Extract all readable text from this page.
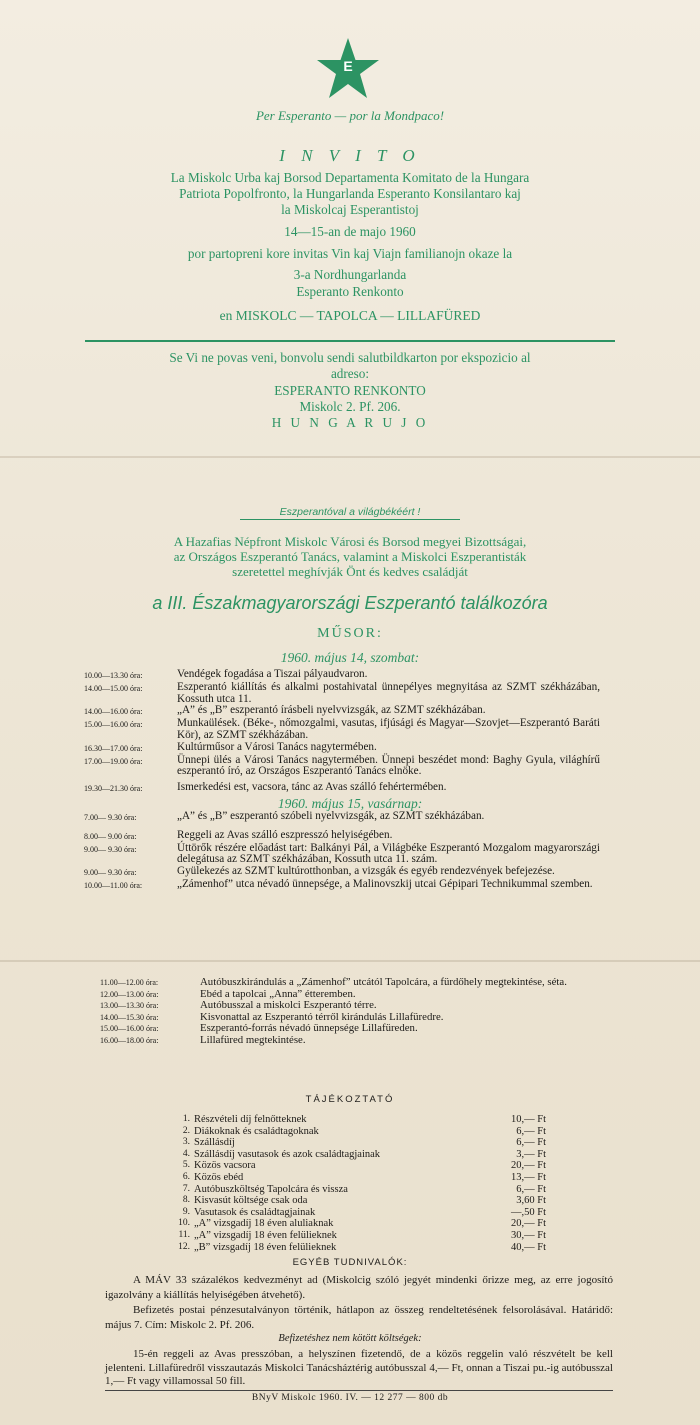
E
Per Esperanto — por la Mondpaco!
I N V I T O
La Miskolc Urba kaj Borsod Departamenta Komitato de la Hungara
Patriota Popolfronto, la Hungarlanda Esperanto Konsilantaro kaj
la Miskolcaj Esperantistoj
14—15-an de majo 1960
por partopreni kore invitas Vin kaj Viajn familianojn okaze la
3-a Nordhungarlanda
Esperanto Renkonto
en MISKOLC — TAPOLCA — LILLAFÜRED
Se Vi ne povas veni, bonvolu sendi salutbildkarton por ekspozicio al
adreso:
ESPERANTO RENKONTO
Miskolc 2. Pf. 206.
H U N G A R U J O
Eszperantóval a világbékéért !
A Hazafias Népfront Miskolc Városi és Borsod megyei Bizottságai,
az Országos Eszperantó Tanács, valamint a Miskolci Eszperantisták
szeretettel meghívják Önt és kedves családját
a III. Északmagyarországi Eszperantó találkozóra
MŰSOR:
1960. május 14, szombat:
10.00—13.30 óra:	Vendégek fogadása a Tiszai pályaudvaron.
14.00—15.00 óra:	Eszperantó kiállítás és alkalmi postahivatal ünnepélyes megnyitása az SZMT székházában, Kossuth utca 11.
14.00—16.00 óra:	„A” és „B” eszperantó írásbeli nyelvvizsgák, az SZMT székházában.
15.00—16.00 óra:	Munkaülések. (Béke-, nőmozgalmi, vasutas, ifjúsági és Magyar—Szovjet—Eszperantó Baráti Kör), az SZMT székházában.
16.30—17.00 óra:	Kultúrműsor a Városi Tanács nagytermében.
17.00—19.00 óra:	Ünnepi ülés a Városi Tanács nagytermében. Ünnepi beszédet mond: Baghy Gyula, világhírű eszperantó író, az Országos Eszperantó Tanács elnöke.
19.30—21.30 óra:	Ismerkedési est, vacsora, tánc az Avas szálló fehértermében.
1960. május 15, vasárnap:
7.00— 9.30 óra:	„A” és „B” eszperantó szóbeli nyelvvizsgák, az SZMT székházában.
8.00— 9.00 óra:	Reggeli az Avas szálló eszpresszó helyiségében.
9.00— 9.30 óra:	Úttörők részére előadást tart: Balkányi Pál, a Világbéke Eszperantó Mozgalom magyarországi delegátusa az SZMT székházában, Kossuth utca 11. szám.
9.00— 9.30 óra:	Gyülekezés az SZMT kultúrotthonban, a vizsgák és egyéb rendezvények befejezése.
10.00—11.00 óra:	„Zámenhof” utca névadó ünnepsége, a Malinovszkij utcai Gépipari Technikummal szemben.
11.00—12.00 óra:	Autóbuszkirándulás a „Zámenhof” utcától Tapolcára, a fürdőhely megtekintése, séta.
12.00—13.00 óra:	Ebéd a tapolcai „Anna” étteremben.
13.00—13.30 óra:	Autóbusszal a miskolci Eszperantó térre.
14.00—15.30 óra:	Kisvonattal az Eszperantó térről kirándulás Lillafüredre.
15.00—16.00 óra:	Eszperantó-forrás névadó ünnepsége Lillafüreden.
16.00—18.00 óra:	Lillafüred megtekintése.
TÁJÉKOZTATÓ
1. Részvételi díj felnőtteknek	10,— Ft
2. Diákoknak és családtagoknak	6,— Ft
3. Szállásdíj	6,— Ft
4. Szállásdíj vasutasok és azok családtagjainak	3,— Ft
5. Közös vacsora	20,— Ft
6. Közös ebéd	13,— Ft
7. Autóbuszköltség Tapolcára és vissza	6,— Ft
8. Kisvasút költsége csak oda	3,60 Ft
9. Vasutasok és családtagjainak	—,50 Ft
10. „A” vizsgadíj 18 éven aluliaknak	20,— Ft
11. „A” vizsgadíj 18 éven felülieknek	30,— Ft
12. „B” vizsgadíj 18 éven felülieknek	40,— Ft
EGYÉB TUDNIVALÓK:
A MÁV 33 százalékos kedvezményt ad (Miskolcig szóló jegyét mindenki őrizze meg, az erre jogosító igazolvány a kiállítás helyiségében átvehető).
Befizetés postai pénzesutalványon történik, hátlapon az összeg rendeltetésének felsorolásával. Határidő: május 7. Cím: Miskolc 2. Pf. 206.
Befizetéshez nem kötött költségek:
15-én reggeli az Avas presszóban, a helyszínen fizetendő, de a közös reggelin való részvételt be kell jelenteni. Lillafüredről visszautazás Miskolci Tanácsháztérig autóbusszal 4,— Ft, onnan a Tiszai pu.-ig autóbusszal 1,— Ft vagy villamossal 50 fill.
BNyV Miskolc 1960. IV. — 12 277 — 800 db
